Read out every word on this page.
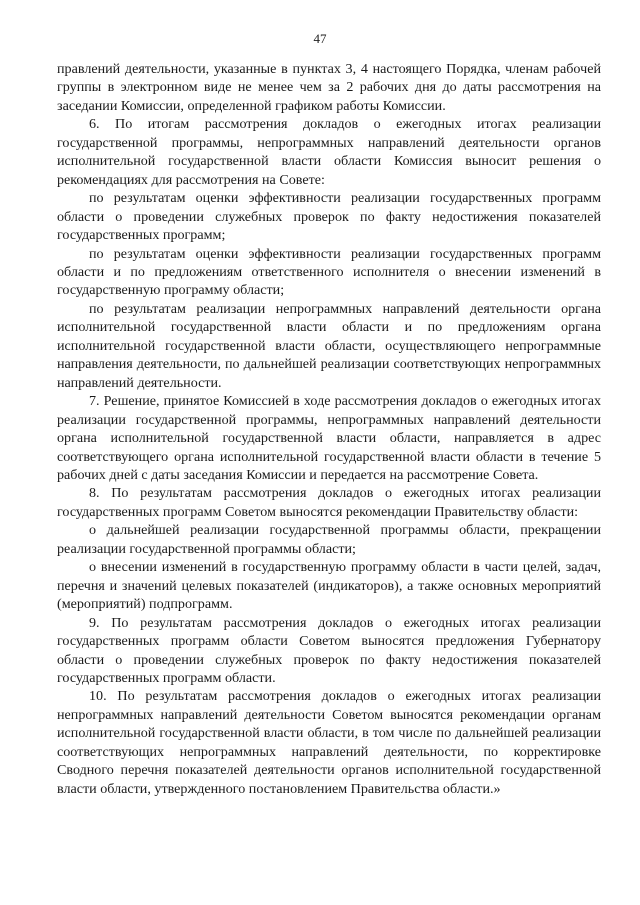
47

правлений деятельности, указанные в пунктах 3, 4 настоящего Порядка, членам рабочей группы в электронном виде не менее чем за 2 рабочих дня до даты рассмотрения на заседании Комиссии, определенной графиком работы Комиссии.

6. По итогам рассмотрения докладов о ежегодных итогах реализации государственной программы, непрограммных направлений деятельности органов исполнительной государственной власти области Комиссия выносит решения о рекомендациях для рассмотрения на Совете:

по результатам оценки эффективности реализации государственных программ области о проведении служебных проверок по факту недостижения показателей государственных программ;

по результатам оценки эффективности реализации государственных программ области и по предложениям ответственного исполнителя о внесении изменений в государственную программу области;

по результатам реализации непрограммных направлений деятельности органа исполнительной государственной власти области и по предложениям органа исполнительной государственной власти области, осуществляющего непрограммные направления деятельности, по дальнейшей реализации соответствующих непрограммных направлений деятельности.

7. Решение, принятое Комиссией в ходе рассмотрения докладов о ежегодных итогах реализации государственной программы, непрограммных направлений деятельности органа исполнительной государственной власти области, направляется в адрес соответствующего органа исполнительной государственной власти области в течение 5 рабочих дней с даты заседания Комиссии и передается на рассмотрение Совета.

8. По результатам рассмотрения докладов о ежегодных итогах реализации государственных программ Советом выносятся рекомендации Правительству области:

о дальнейшей реализации государственной программы области, прекращении реализации государственной программы области;

о внесении изменений в государственную программу области в части целей, задач, перечня и значений целевых показателей (индикаторов), а также основных мероприятий (мероприятий) подпрограмм.

9. По результатам рассмотрения докладов о ежегодных итогах реализации государственных программ области Советом выносятся предложения Губернатору области о проведении служебных проверок по факту недостижения показателей государственных программ области.

10. По результатам рассмотрения докладов о ежегодных итогах реализации непрограммных направлений деятельности Советом выносятся рекомендации органам исполнительной государственной власти области, в том числе по дальнейшей реализации соответствующих непрограммных направлений деятельности, по корректировке Сводного перечня показателей деятельности органов исполнительной государственной власти области, утвержденного постановлением Правительства области.»
